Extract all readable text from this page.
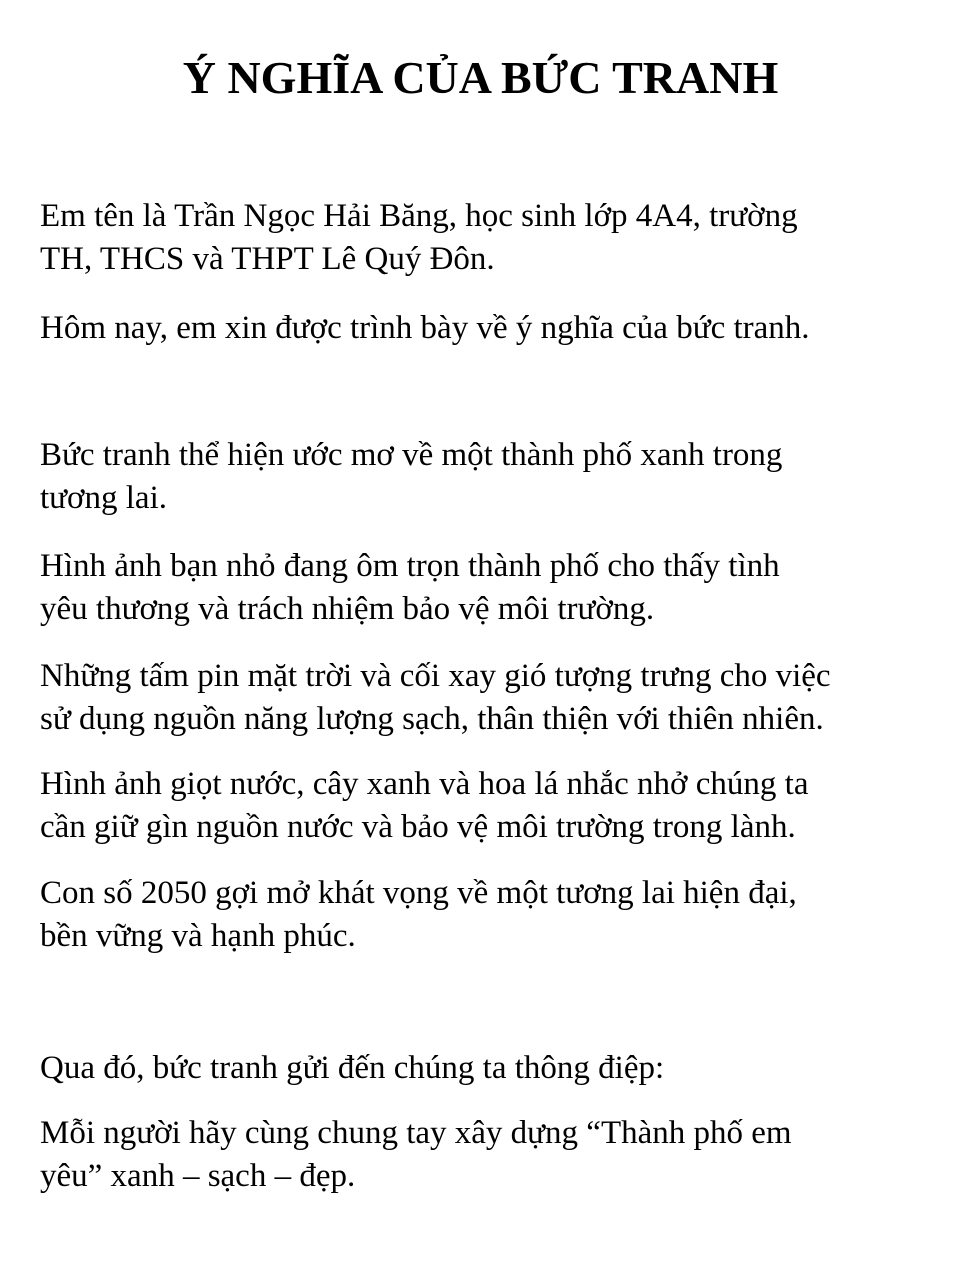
Ý NGHĨA CỦA BỨC TRANH

Em tên là Trần Ngọc Hải Băng, học sinh lớp 4A4, trường
TH, THCS và THPT Lê Quý Đôn.

Hôm nay, em xin được trình bày về ý nghĩa của bức tranh.

Bức tranh thể hiện ước mơ về một thành phố xanh trong
tương lai.

Hình ảnh bạn nhỏ đang ôm trọn thành phố cho thấy tình
yêu thương và trách nhiệm bảo vệ môi trường.

Những tấm pin mặt trời và cối xay gió tượng trưng cho việc
sử dụng nguồn năng lượng sạch, thân thiện với thiên nhiên.

Hình ảnh giọt nước, cây xanh và hoa lá nhắc nhở chúng ta
cần giữ gìn nguồn nước và bảo vệ môi trường trong lành.

Con số 2050 gợi mở khát vọng về một tương lai hiện đại,
bền vững và hạnh phúc.

Qua đó, bức tranh gửi đến chúng ta thông điệp:

Mỗi người hãy cùng chung tay xây dựng “Thành phố em
yêu” xanh – sạch – đẹp.
